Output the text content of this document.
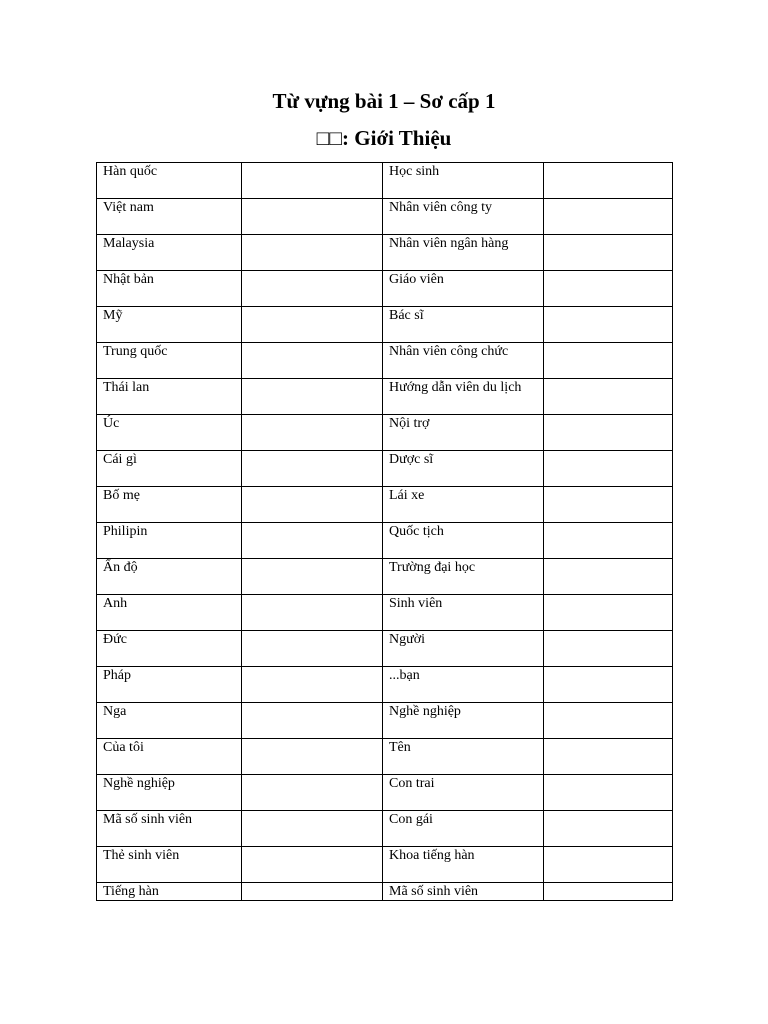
Từ vựng bài 1 – Sơ cấp 1
□□: Giới Thiệu
Hàn quốc		Học sinh	
Việt nam		Nhân viên công ty	
Malaysia		Nhân viên ngân hàng	
Nhật bản		Giáo viên	
Mỹ		Bác sĩ	
Trung quốc		Nhân viên công chức	
Thái lan		Hướng dẫn viên du lịch	
Úc		Nội trợ	
Cái gì		Dược sĩ	
Bố mẹ		Lái xe	
Philipin		Quốc tịch	
Ấn độ		Trường đại học	
Anh		Sinh viên	
Đức		Người	
Pháp		...bạn	
Nga		Nghề nghiệp	
Của tôi		Tên	
Nghề nghiệp		Con trai	
Mã số sinh viên		Con gái	
Thẻ sinh viên		Khoa tiếng hàn	
Tiếng hàn		Mã số sinh viên	
